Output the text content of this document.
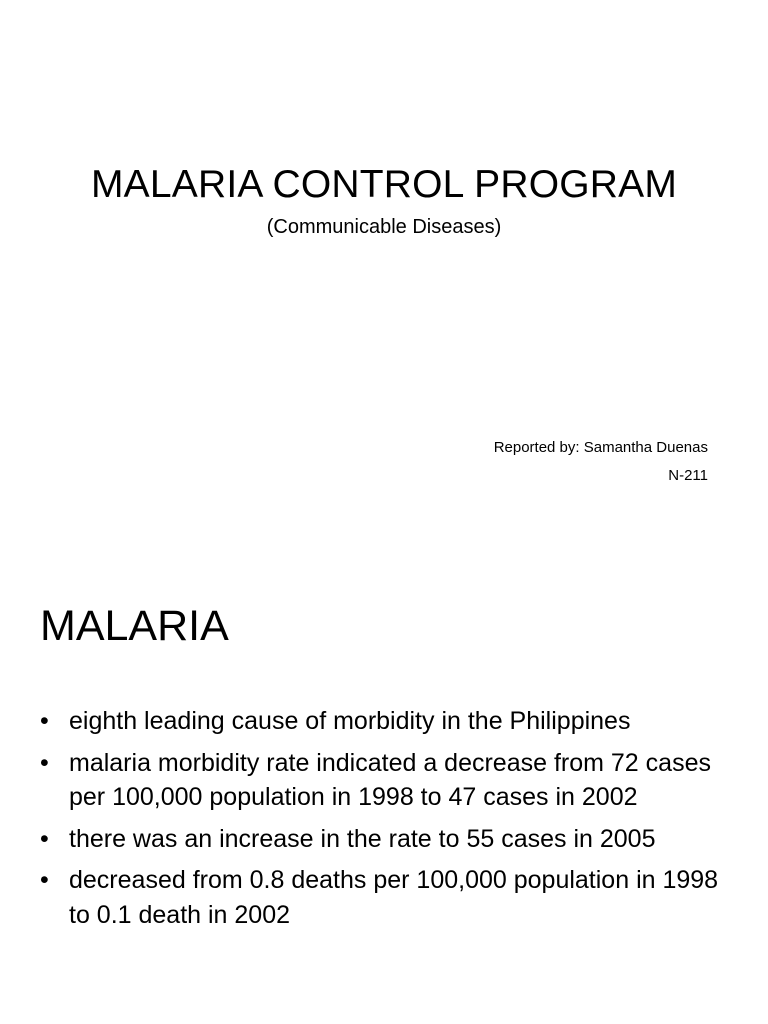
MALARIA CONTROL PROGRAM
(Communicable Diseases)
Reported by: Samantha Duenas
N-211
MALARIA
• eighth leading cause of morbidity in the Philippines
• malaria morbidity rate indicated a decrease from 72 cases per 100,000 population in 1998 to 47 cases in 2002
• there was an increase in the rate to 55 cases in 2005
• decreased from 0.8 deaths per 100,000 population in 1998 to 0.1 death in 2002
